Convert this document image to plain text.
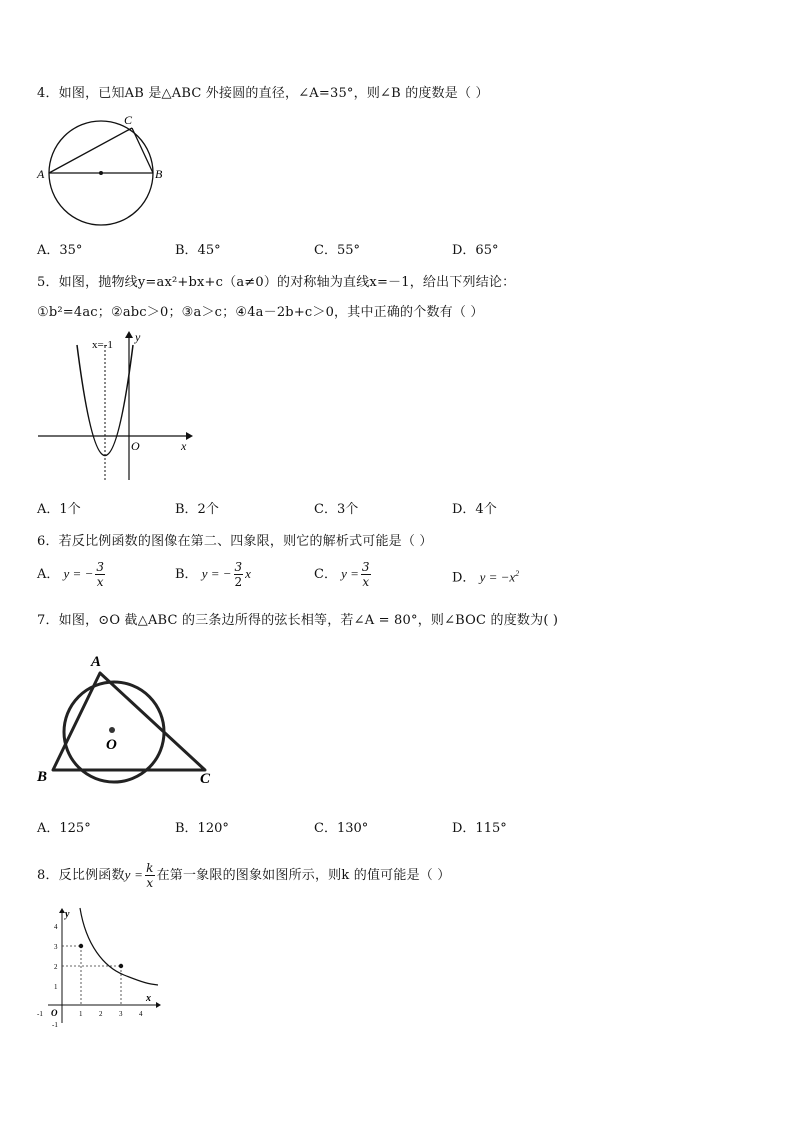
4．如图，已知AB 是△ABC 外接圆的直径，∠A=35°，则∠B 的度数是（ ）
A	B
C
A．35°	B．45°	C．55°	D．65°
5．如图，抛物线y=ax²+bx+c（a≠0）的对称轴为直线x=－1，给出下列结论：
①b²=4ac；②abc＞0；③a＞c；④4a－2b+c＞0，其中正确的个数有（ ）
x=-1
y
x
O
A．1个	B．2个	C．3个	D．4个
6．若反比例函数的图像在第二、四象限，则它的解析式可能是（ ）
A． y = − $\frac{3}{x}$	B． y = − $\frac{3}{2}$ x	C． $y = \frac{3}{x}$	D． $y = -x^2$
7．如图，⊙O 截△ABC 的三条边所得的弦长相等，若∠A = 80°，则∠BOC 的度数为( )
A
B	C
O
A．125°	B．120°	C．130°	D．115°
8．反比例函数$y = \frac{k}{x}$ 在第一象限的图象如图所示，则k 的值可能是（ ）
y
x
O
4
3
2
1
-1
-1	1 2 3 4
